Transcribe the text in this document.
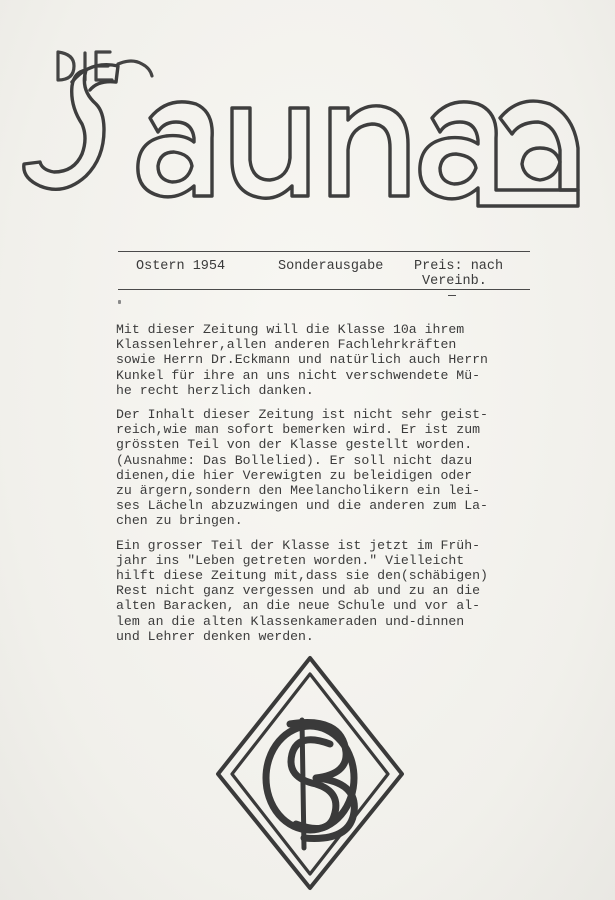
Ostern 1954	Sonderausgabe Preis: nach
Vereinb.

Mit dieser Zeitung will die Klasse 10a ihrem
Klassenlehrer,allen anderen Fachlehrkräften
sowie Herrn Dr.Eckmann und natürlich auch Herrn
Kunkel für ihre an uns nicht verschwendete Mü-
he recht herzlich danken.

Der Inhalt dieser Zeitung ist nicht sehr geist-
reich,wie man sofort bemerken wird. Er ist zum
grössten Teil von der Klasse gestellt worden.
(Ausnahme: Das Bollelied). Er soll nicht dazu
dienen,die hier Verewigten zu beleidigen oder
zu ärgern,sondern den Meelancholikern ein lei-
ses Lächeln abzuzwingen und die anderen zum La-
chen zu bringen.

Ein grosser Teil der Klasse ist jetzt im Früh-
jahr ins "Leben getreten worden." Vielleicht
hilft diese Zeitung mit,dass sie den(schäbigen)
Rest nicht ganz vergessen und ab und zu an die
alten Baracken, an die neue Schule und vor al-
lem an die alten Klassenkameraden und-dinnen
und Lehrer denken werden.
